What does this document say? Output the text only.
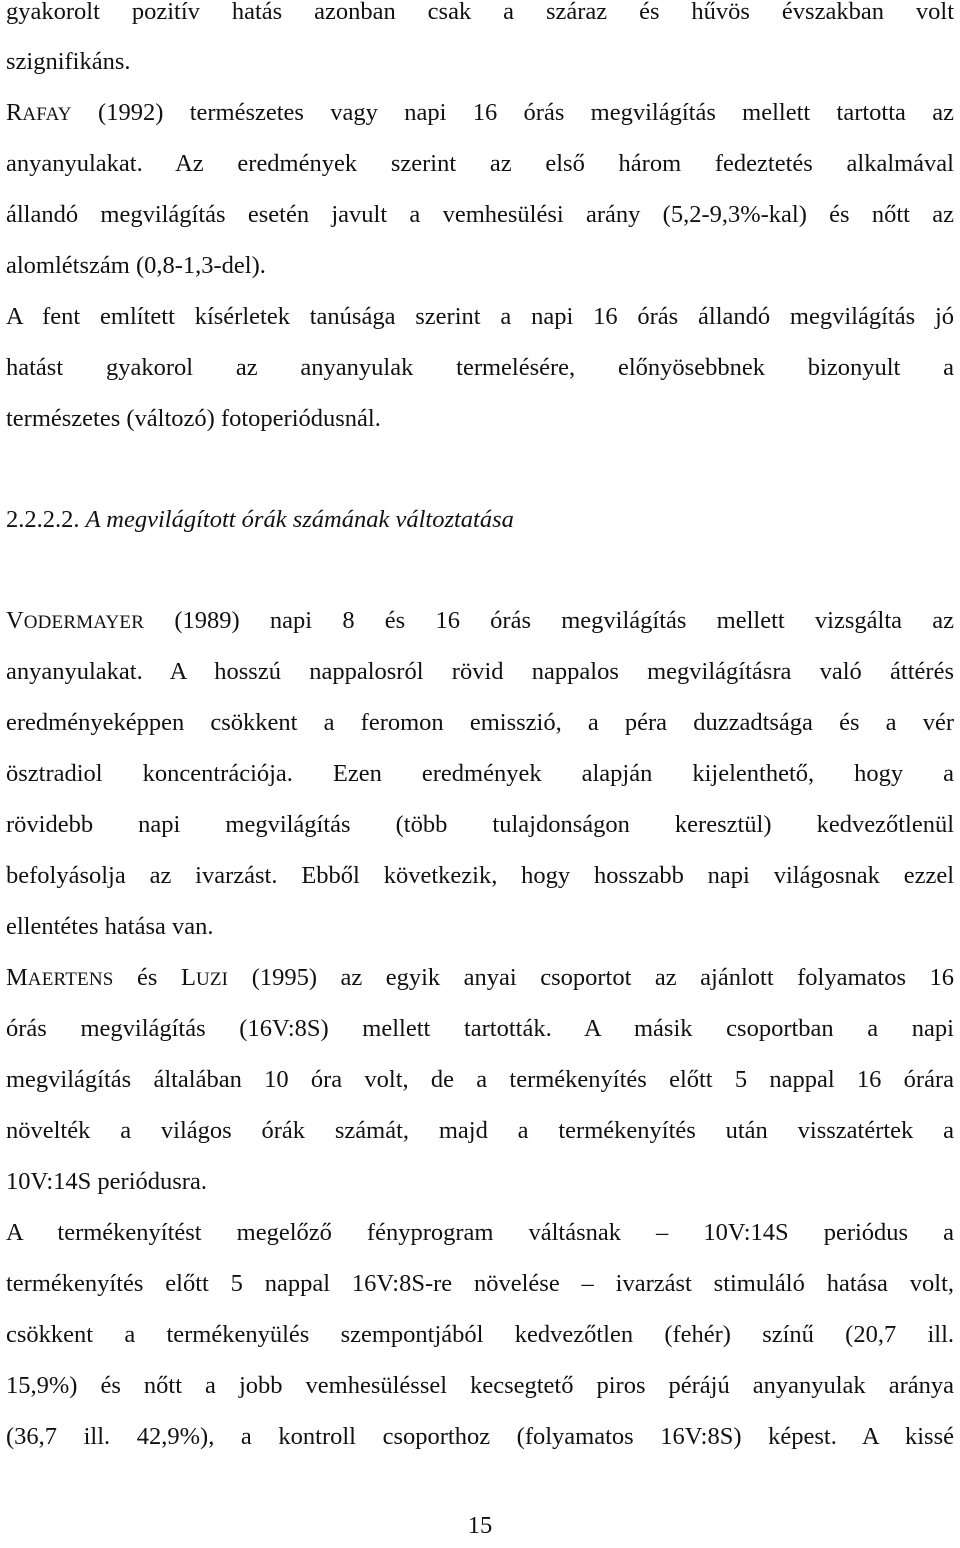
gyakorolt pozitív hatás azonban csak a száraz és hűvös évszakban volt
szignifikáns.
RAFAY (1992) természetes vagy napi 16 órás megvilágítás mellett tartotta az
anyanyulakat. Az eredmények szerint az első három fedeztetés alkalmával
állandó megvilágítás esetén javult a vemhesülési arány (5,2-9,3%-kal) és nőtt az
alomlétszám (0,8-1,3-del).
A fent említett kísérletek tanúsága szerint a napi 16 órás állandó megvilágítás jó
hatást gyakorol az anyanyulak termelésére, előnyösebbnek bizonyult a
természetes (változó) fotoperiódusnál.
2.2.2.2. A megvilágított órák számának változtatása
VODERMAYER (1989) napi 8 és 16 órás megvilágítás mellett vizsgálta az
anyanyulakat. A hosszú nappalosról rövid nappalos megvilágításra való áttérés
eredményeképpen csökkent a feromon emisszió, a péra duzzadtsága és a vér
ösztradiol koncentrációja. Ezen eredmények alapján kijelenthető, hogy a
rövidebb napi megvilágítás (több tulajdonságon keresztül) kedvezőtlenül
befolyásolja az ivarzást. Ebből következik, hogy hosszabb napi világosnak ezzel
ellentétes hatása van.
MAERTENS és LUZI (1995) az egyik anyai csoportot az ajánlott folyamatos 16
órás megvilágítás (16V:8S) mellett tartották. A másik csoportban a napi
megvilágítás általában 10 óra volt, de a termékenyítés előtt 5 nappal 16 órára
növelték a világos órák számát, majd a termékenyítés után visszatértek a
10V:14S periódusra.
A termékenyítést megelőző fényprogram váltásnak – 10V:14S periódus a
termékenyítés előtt 5 nappal 16V:8S-re növelése – ivarzást stimuláló hatása volt,
csökkent a termékenyülés szempontjából kedvezőtlen (fehér) színű (20,7 ill.
15,9%) és nőtt a jobb vemhesüléssel kecsegtető piros pérájú anyanyulak aránya
(36,7 ill. 42,9%), a kontroll csoporthoz (folyamatos 16V:8S) képest. A kissé
15
